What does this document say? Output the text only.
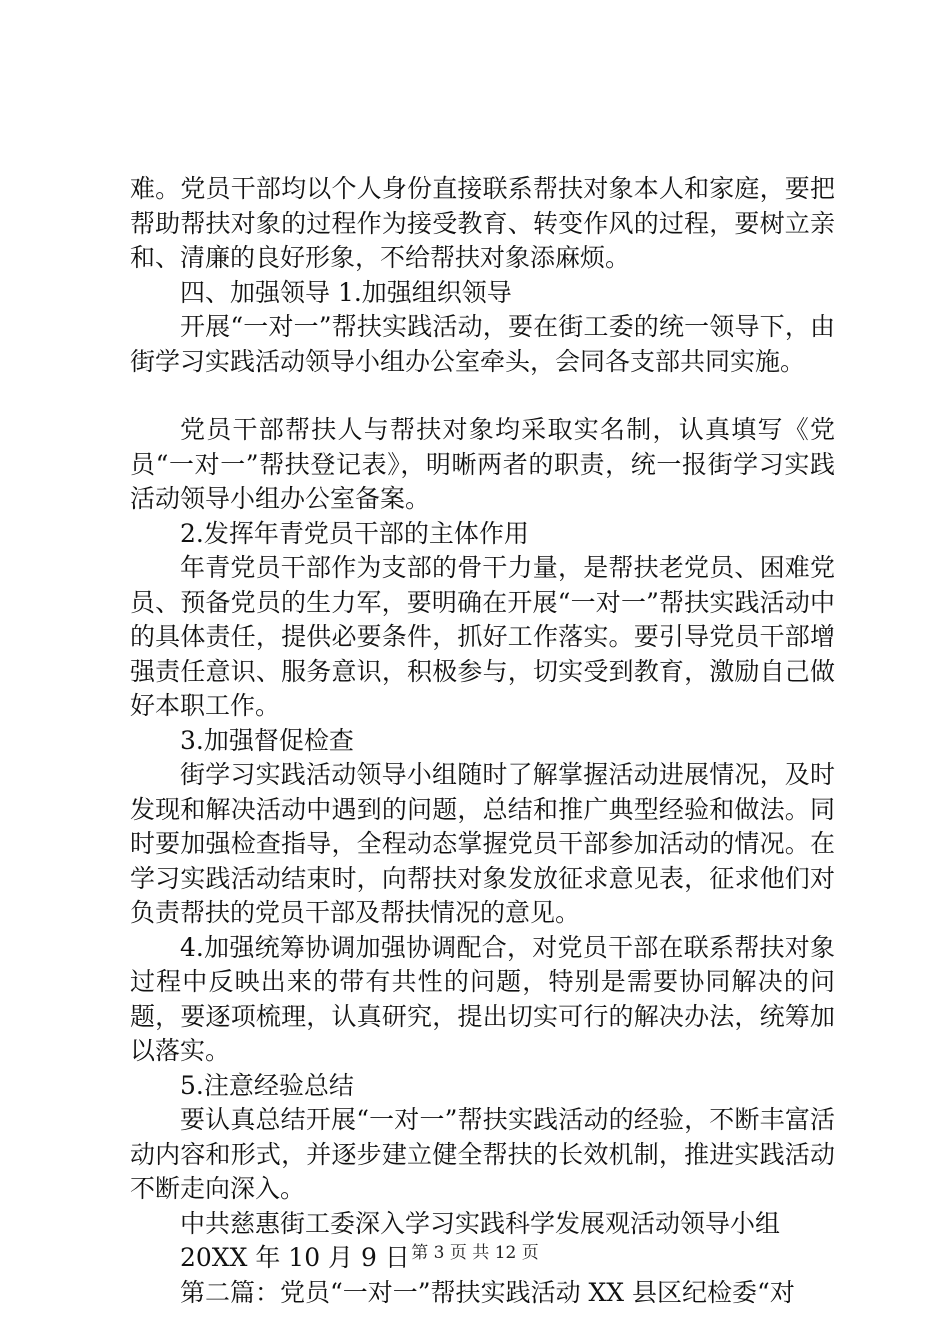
难。党员干部均以个人身份直接联系帮扶对象本人和家庭，要把帮助帮扶对象的过程作为接受教育、转变作风的过程，要树立亲和、清廉的良好形象，不给帮扶对象添麻烦。

四、加强领导 1.加强组织领导

开展“一对一”帮扶实践活动，要在街工委的统一领导下，由街学习实践活动领导小组办公室牵头，会同各支部共同实施。

党员干部帮扶人与帮扶对象均采取实名制，认真填写《党员“一对一”帮扶登记表》，明晰两者的职责，统一报街学习实践活动领导小组办公室备案。

2.发挥年青党员干部的主体作用

年青党员干部作为支部的骨干力量，是帮扶老党员、困难党员、预备党员的生力军，要明确在开展“一对一”帮扶实践活动中的具体责任，提供必要条件，抓好工作落实。要引导党员干部增强责任意识、服务意识，积极参与，切实受到教育，激励自己做好本职工作。

3.加强督促检查

街学习实践活动领导小组随时了解掌握活动进展情况，及时发现和解决活动中遇到的问题，总结和推广典型经验和做法。同时要加强检查指导，全程动态掌握党员干部参加活动的情况。在学习实践活动结束时，向帮扶对象发放征求意见表，征求他们对负责帮扶的党员干部及帮扶情况的意见。

4.加强统筹协调加强协调配合，对党员干部在联系帮扶对象过程中反映出来的带有共性的问题，特别是需要协同解决的问题，要逐项梳理，认真研究，提出切实可行的解决办法，统筹加以落实。

5.注意经验总结

要认真总结开展“一对一”帮扶实践活动的经验，不断丰富活动内容和形式，并逐步建立健全帮扶的长效机制，推进实践活动不断走向深入。

中共慈惠街工委深入学习实践科学发展观活动领导小组

20XX 年 10 月 9 日

第二篇：党员“一对一”帮扶实践活动 XX 县区纪检委“对

第 3 页 共 12 页
